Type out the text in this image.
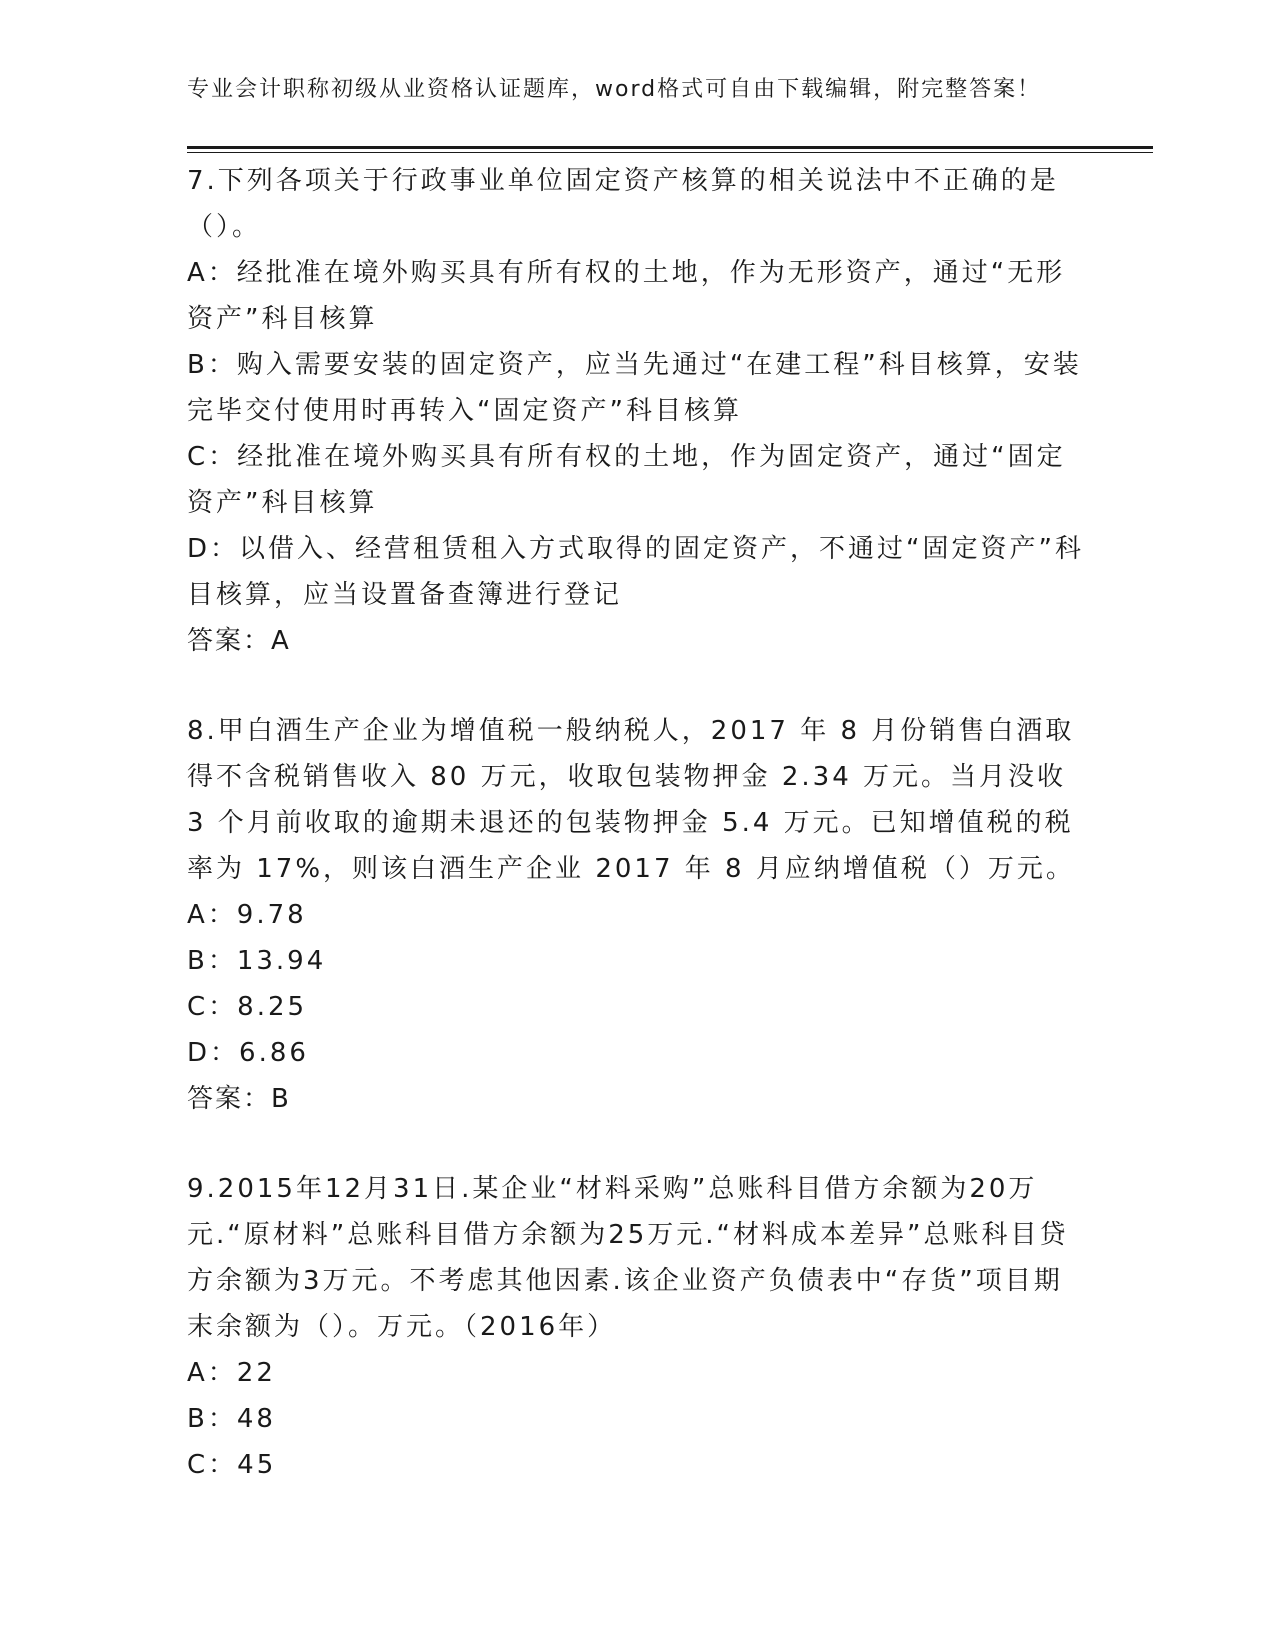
专业会计职称初级从业资格认证题库，word格式可自由下载编辑，附完整答案！

7.下列各项关于行政事业单位固定资产核算的相关说法中不正确的是（）。

A：经批准在境外购买具有所有权的土地，作为无形资产，通过“无形资产”科目核算

B：购入需要安装的固定资产，应当先通过“在建工程”科目核算，安装完毕交付使用时再转入“固定资产”科目核算

C：经批准在境外购买具有所有权的土地，作为固定资产，通过“固定资产”科目核算

D：以借入、经营租赁租入方式取得的固定资产，不通过“固定资产”科目核算，应当设置备查簿进行登记

答案：A

8.甲白酒生产企业为增值税一般纳税人，2017 年 8 月份销售白酒取得不含税销售收入 80 万元，收取包装物押金 2.34 万元。当月没收 3 个月前收取的逾期未退还的包装物押金 5.4 万元。已知增值税的税率为 17%，则该白酒生产企业 2017 年 8 月应纳增值税（）万元。

A：9.78

B：13.94

C：8.25

D：6.86

答案：B

9.2015年12月31日.某企业“材料采购”总账科目借方余额为20万元.“原材料”总账科目借方余额为25万元.“材料成本差异”总账科目贷方余额为3万元。不考虑其他因素.该企业资产负债表中“存货”项目期末余额为（）。万元。（2016年）

A：22

B：48

C：45
